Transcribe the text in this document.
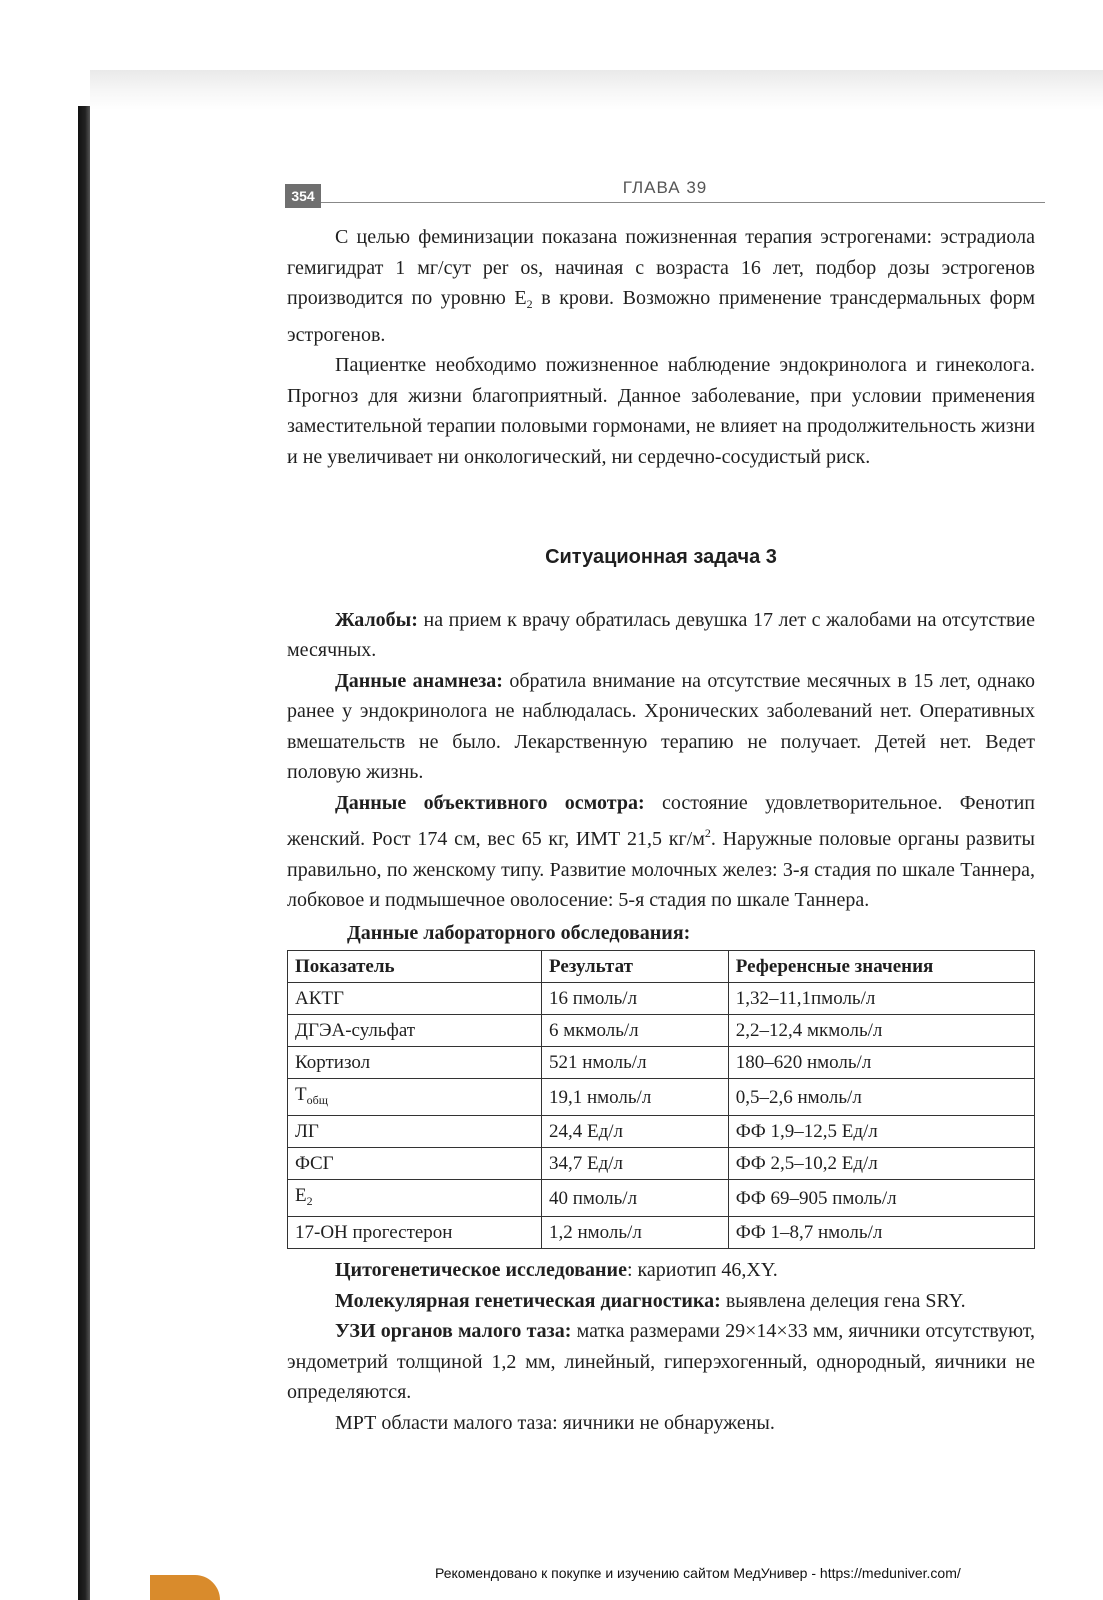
354	ГЛАВА 39

С целью феминизации показана пожизненная терапия эстрогенами: эстрадиола гемигидрат 1 мг/сут per os, начиная с возраста 16 лет, подбор дозы эстрогенов производится по уровню $Е_2$ в крови. Возможно применение трансдермальных форм эстрогенов.

Пациентке необходимо пожизненное наблюдение эндокринолога и гинеколога. Прогноз для жизни благоприятный. Данное заболевание, при условии применения заместительной терапии половыми гормонами, не влияет на продолжительность жизни и не увеличивает ни онкологический, ни сердечно-сосудистый риск.

Ситуационная задача 3

Жалобы: на прием к врачу обратилась девушка 17 лет с жалобами на отсутствие месячных.

Данные анамнеза: обратила внимание на отсутствие месячных в 15 лет, однако ранее у эндокринолога не наблюдалась. Хронических заболеваний нет. Оперативных вмешательств не было. Лекарственную терапию не получает. Детей нет. Ведет половую жизнь.

Данные объективного осмотра: состояние удовлетворительное. Фенотип женский. Рост 174 см, вес 65 кг, ИМТ 21,5 $кг/м^2$. Наружные половые органы развиты правильно, по женскому типу. Развитие молочных желез: 3-я стадия по шкале Таннера, лобковое и подмышечное оволосение: 5-я стадия по шкале Таннера.

Данные лабораторного обследования:

Показатель	Результат	Референсные значения
АКТГ	16 пмоль/л	1,32–11,1пмоль/л
ДГЭА-сульфат	6 мкмоль/л	2,2–12,4 мкмоль/л
Кортизол	521 нмоль/л	180–620 нмоль/л
$Т_{общ}$	19,1 нмоль/л	0,5–2,6 нмоль/л
ЛГ	24,4 Ед/л	ФФ 1,9–12,5 Ед/л
ФСГ	34,7 Ед/л	ФФ 2,5–10,2 Ед/л
$Е_2$	40 пмоль/л	ФФ 69–905 пмоль/л
17-ОН прогестерон	1,2 нмоль/л	ФФ 1–8,7 нмоль/л

Цитогенетическое исследование: кариотип 46,XY.

Молекулярная генетическая диагностика: выявлена делеция гена SRY.

УЗИ органов малого таза: матка размерами 29×14×33 мм, яичники отсутствуют, эндометрий толщиной 1,2 мм, линейный, гиперэхогенный, однородный, яичники не определяются.

МРТ области малого таза: яичники не обнаружены.

Рекомендовано к покупке и изучению сайтом МедУнивер - https://meduniver.com/
